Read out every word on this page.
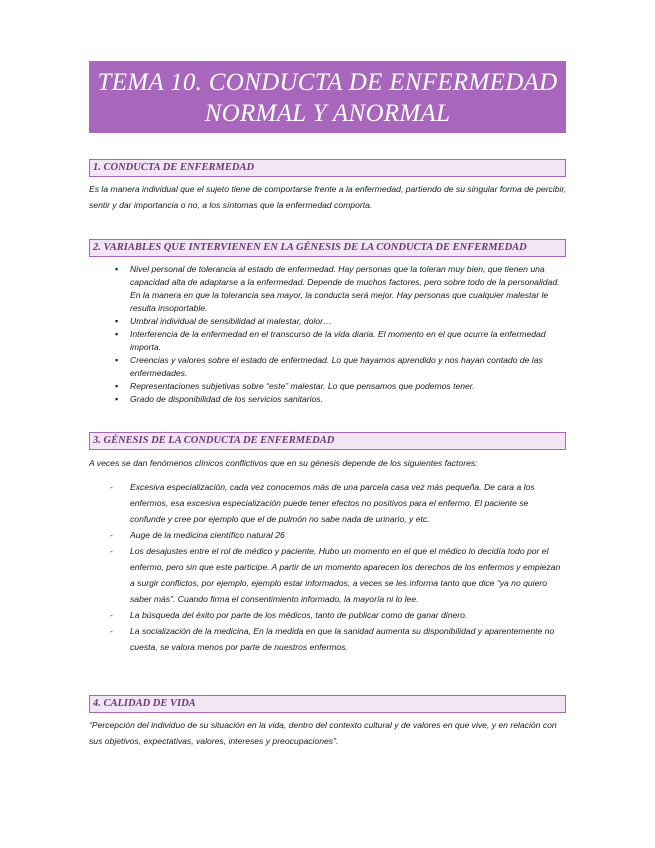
TEMA 10. CONDUCTA DE ENFERMEDAD
NORMAL Y ANORMAL
1. CONDUCTA DE ENFERMEDAD

Es la manera individual que el sujeto tiene de comportarse frente a la enfermedad, partiendo de su singular forma de percibir, sentir y dar importancia o no, a los síntomas que la enfermedad comporta.

2. VARIABLES QUE INTERVIENEN EN LA GÉNESIS DE LA CONDUCTA DE ENFERMEDAD
▪ Nivel personal de tolerancia al estado de enfermedad. Hay personas que la toleran muy bien, que tienen una capacidad alta de adaptarse a la enfermedad. Depende de muchos factores, pero sobre todo de la personalidad. En la manera en que la tolerancia sea mayor, la conducta será mejor. Hay personas que cualquier malestar le resulta insoportable.
▪ Umbral individual de sensibilidad al malestar, dolor…
▪ Interferencia de la enfermedad en el transcurso de la vida diaria. El momento en el que ocurre la enfermedad importa.
▪ Creencias y valores sobre el estado de enfermedad. Lo que hayamos aprendido y nos hayan contado de las enfermedades.
▪ Representaciones subjetivas sobre “este” malestar. Lo que pensamos que podemos tener.
▪ Grado de disponibilidad de los servicios sanitarios.
3. GÉNESIS DE LA CONDUCTA DE ENFERMEDAD

A veces se dan fenómenos clínicos conflictivos que en su génesis depende de los siguientes factores:

- Excesiva especialización, cada vez conocemos más de una parcela casa vez más pequeña. De cara a los enfermos, esa excesiva especialización puede tener efectos no positivos para el enfermo. El paciente se confunde y cree por ejemplo que el de pulmón no sabe nada de urinario, y etc.
- Auge de la medicina científico natural 26
- Los desajustes entre el rol de médico y paciente, Hubo un momento en el que el médico lo decidía todo por el enfermo, pero sin que este participe. A partir de un momento aparecen los derechos de los enfermos y empiezan a surgir conflictos, por ejemplo, ejemplo estar informados, a veces se les informa tanto que dice “ya no quiero saber más”. Cuando firma el consentimiento informado, la mayoría ni lo lee.
- La búsqueda del éxito por parte de los médicos, tanto de publicar como de ganar dinero.
- La socialización de la medicina, En la medida en que la sanidad aumenta su disponibilidad y aparentemente no cuesta, se valora menos por parte de nuestros enfermos.
4. CALIDAD DE VIDA

“Percepción del individuo de su situación en la vida, dentro del contexto cultural y de valores en que vive, y en relación con sus objetivos, expectativas, valores, intereses y preocupaciones”.
